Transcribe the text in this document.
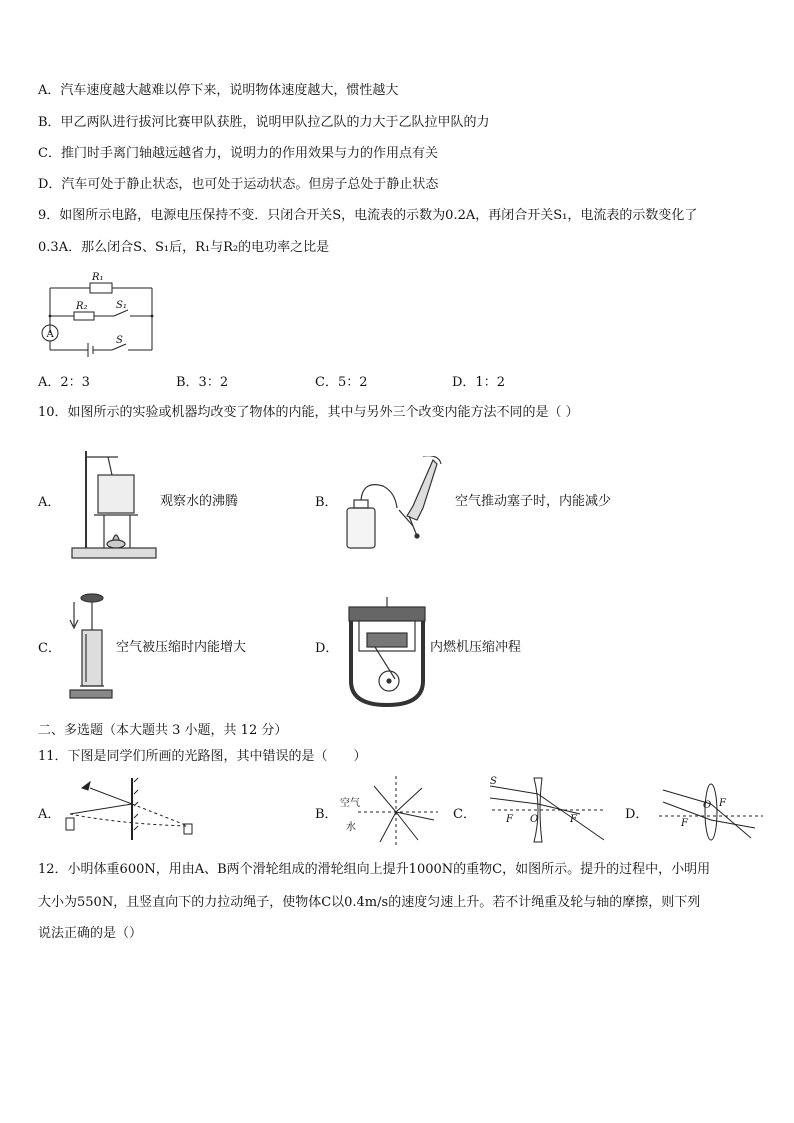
A．汽车速度越大越难以停下来，说明物体速度越大，惯性越大
B．甲乙两队进行拔河比赛甲队获胜，说明甲队拉乙队的力大于乙队拉甲队的力
C．推门时手离门轴越远越省力，说明力的作用效果与力的作用点有关
D．汽车可处于静止状态，也可处于运动状态。但房子总处于静止状态
9．如图所示电路，电源电压保持不变．只闭合开关S，电流表的示数为0.2A，再闭合开关S₁，电流表的示数变化了
0.3A．那么闭合S、S₁后，R₁与R₂的电功率之比是
R₁
R₂	S₁
S
A
A．2：3	B．3：2	C．5：2	D．1：2
10．如图所示的实验或机器均改变了物体的内能，其中与另外三个改变内能方法不同的是（ ）
A．	观察水的沸腾	B．	空气推动塞子时，内能减少
C．	空气被压缩时内能增大	D．	内燃机压缩冲程
二、多选题（本大题共 3 小题，共 12 分）
11．下图是同学们所画的光路图，其中错误的是（　　）
A．	B．
空气
水
C．
S
F O	F	D．
F
O F
12．小明体重600N，用由A、B两个滑轮组成的滑轮组向上提升1000N的重物C，如图所示。提升的过程中，小明用
大小为550N，且竖直向下的力拉动绳子，使物体C以0.4m/s的速度匀速上升。若不计绳重及轮与轴的摩擦，则下列
说法正确的是（）
